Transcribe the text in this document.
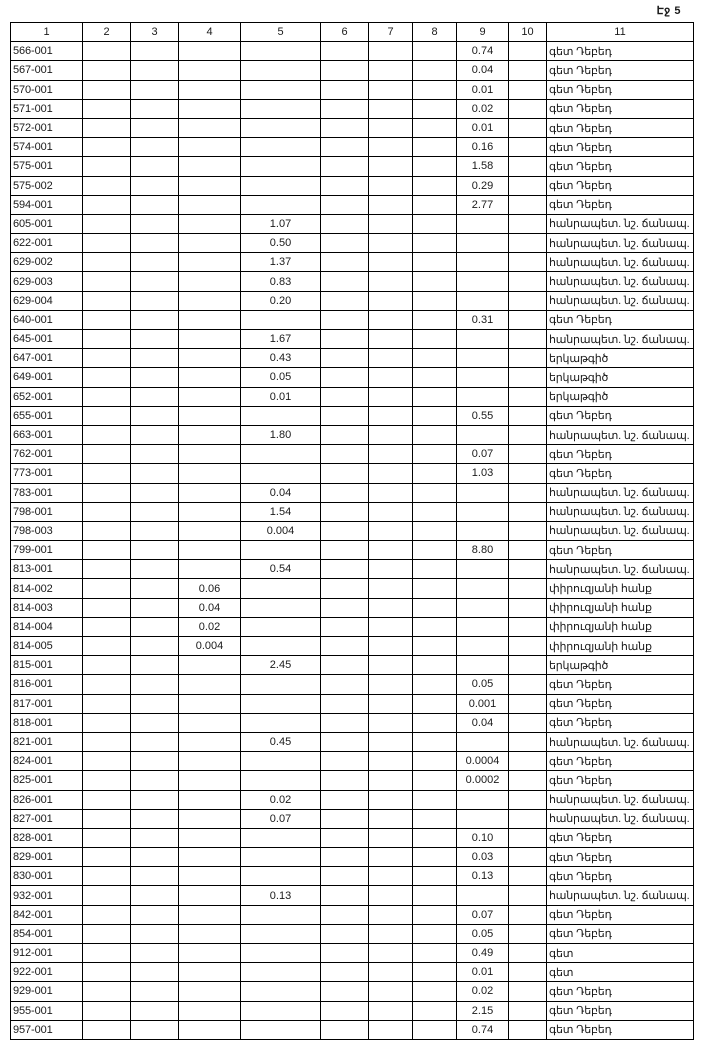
Էջ 5
1	2	3	4	5	6	7	8	9	10	11
566-001								0.74		գետ Դեբեդ
567-001								0.04		գետ Դեբեդ
570-001								0.01		գետ Դեբեդ
571-001								0.02		գետ Դեբեդ
572-001								0.01		գետ Դեբեդ
574-001								0.16		գետ Դեբեդ
575-001								1.58		գետ Դեբեդ
575-002								0.29		գետ Դեբեդ
594-001								2.77		գետ Դեբեդ
605-001				1.07						հանրապետ. նշ. ճանապ.
622-001				0.50						հանրապետ. նշ. ճանապ.
629-002				1.37						հանրապետ. նշ. ճանապ.
629-003				0.83						հանրապետ. նշ. ճանապ.
629-004				0.20						հանրապետ. նշ. ճանապ.
640-001								0.31		գետ Դեբեդ
645-001				1.67						հանրապետ. նշ. ճանապ.
647-001				0.43						երկաթգիծ
649-001				0.05						երկաթգիծ
652-001				0.01						երկաթգիծ
655-001								0.55		գետ Դեբեդ
663-001				1.80						հանրապետ. նշ. ճանապ.
762-001								0.07		գետ Դեբեդ
773-001								1.03		գետ Դեբեդ
783-001				0.04						հանրապետ. նշ. ճանապ.
798-001				1.54						հանրապետ. նշ. ճանապ.
798-003				0.004						հանրապետ. նշ. ճանապ.
799-001								8.80		գետ Դեբեդ
813-001				0.54						հանրապետ. նշ. ճանապ.
814-002			0.06							փիրուզյանի հանք
814-003			0.04							փիրուզյանի հանք
814-004			0.02							փիրուզյանի հանք
814-005			0.004							փիրուզյանի հանք
815-001				2.45						երկաթգիծ
816-001								0.05		գետ Դեբեդ
817-001								0.001		գետ Դեբեդ
818-001								0.04		գետ Դեբեդ
821-001				0.45						հանրապետ. նշ. ճանապ.
824-001								0.0004		գետ Դեբեդ
825-001								0.0002		գետ Դեբեդ
826-001				0.02						հանրապետ. նշ. ճանապ.
827-001				0.07						հանրապետ. նշ. ճանապ.
828-001								0.10		գետ Դեբեդ
829-001								0.03		գետ Դեբեդ
830-001								0.13		գետ Դեբեդ
932-001				0.13						հանրապետ. նշ. ճանապ.
842-001								0.07		գետ Դեբեդ
854-001								0.05		գետ Դեբեդ
912-001								0.49		գետ
922-001								0.01		գետ
929-001								0.02		գետ Դեբեդ
955-001								2.15		գետ Դեբեդ
957-001								0.74		գետ Դեբեդ
